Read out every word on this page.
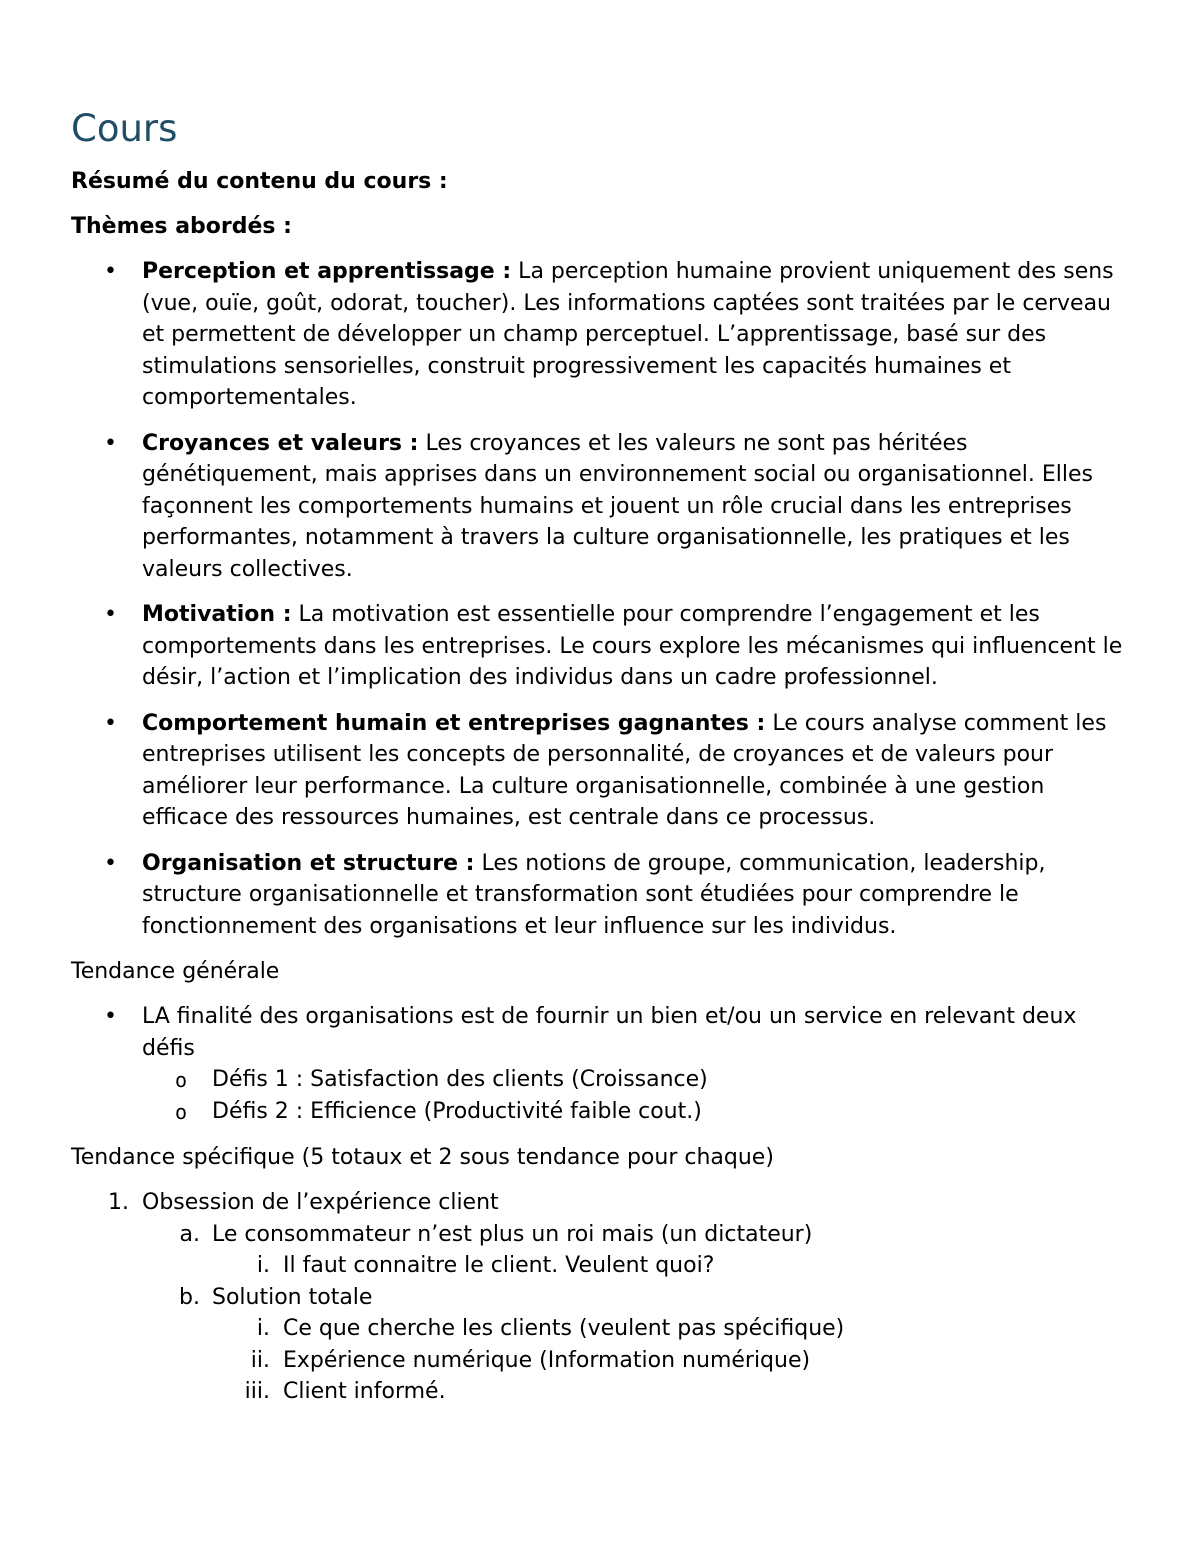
Cours
Résumé du contenu du cours :
Thèmes abordés :
• Perception et apprentissage : La perception humaine provient uniquement des sens (vue, ouïe, goût, odorat, toucher). Les informations captées sont traitées par le cerveau et permettent de développer un champ perceptuel. L’apprentissage, basé sur des stimulations sensorielles, construit progressivement les capacités humaines et comportementales.
• Croyances et valeurs : Les croyances et les valeurs ne sont pas héritées génétiquement, mais apprises dans un environnement social ou organisationnel. Elles façonnent les comportements humains et jouent un rôle crucial dans les entreprises performantes, notamment à travers la culture organisationnelle, les pratiques et les valeurs collectives.
• Motivation : La motivation est essentielle pour comprendre l’engagement et les comportements dans les entreprises. Le cours explore les mécanismes qui influencent le désir, l’action et l’implication des individus dans un cadre professionnel.
• Comportement humain et entreprises gagnantes : Le cours analyse comment les entreprises utilisent les concepts de personnalité, de croyances et de valeurs pour améliorer leur performance. La culture organisationnelle, combinée à une gestion efficace des ressources humaines, est centrale dans ce processus.
• Organisation et structure : Les notions de groupe, communication, leadership, structure organisationnelle et transformation sont étudiées pour comprendre le fonctionnement des organisations et leur influence sur les individus.
Tendance générale
• LA finalité des organisations est de fournir un bien et/ou un service en relevant deux défis
o Défis 1 : Satisfaction des clients (Croissance)
o Défis 2 : Efficience (Productivité faible cout.)
Tendance spécifique (5 totaux et 2 sous tendance pour chaque)
1. Obsession de l’expérience client
a. Le consommateur n’est plus un roi mais (un dictateur)
i. Il faut connaitre le client. Veulent quoi?
b. Solution totale
i. Ce que cherche les clients (veulent pas spécifique)
ii. Expérience numérique (Information numérique)
iii. Client informé.
